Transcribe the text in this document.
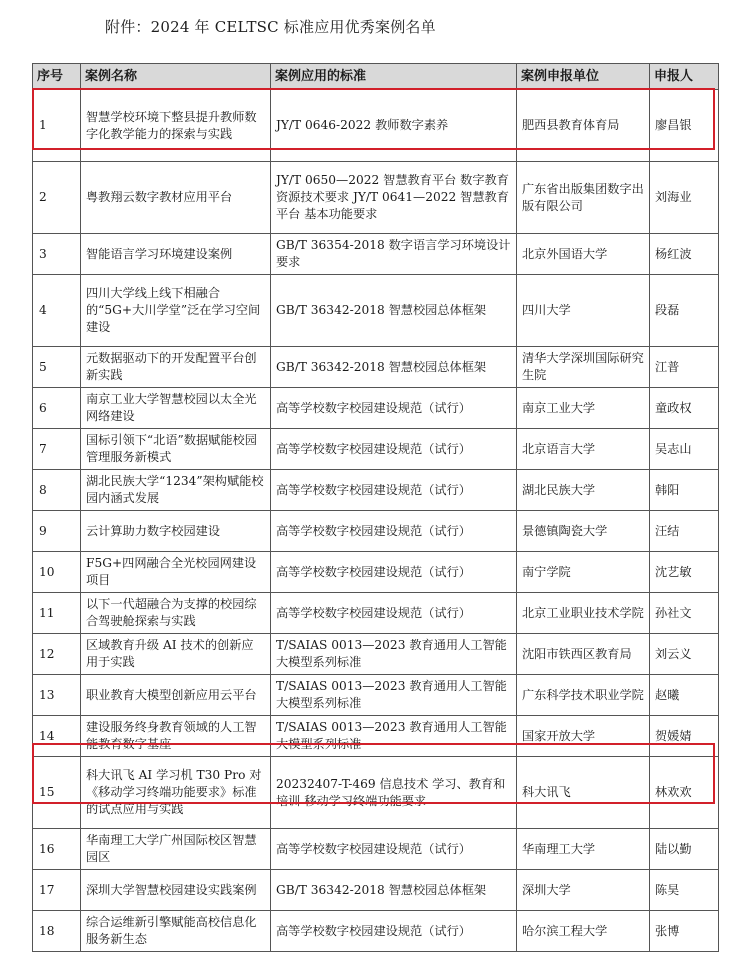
附件：2024 年 CELTSC 标准应用优秀案例名单
序号	案例名称	案例应用的标准	案例申报单位	申报人
1	智慧学校环境下整县提升教师数字化教学能力的探索与实践	JY/T 0646-2022 教师数字素养	肥西县教育体育局	廖昌银
2	粤教翔云数字教材应用平台	JY/T 0650—2022 智慧教育平台 数字教育资源技术要求 JY/T 0641—2022 智慧教育平台 基本功能要求	广东省出版集团数字出版有限公司	刘海业
3	智能语言学习环境建设案例	GB/T 36354-2018 数字语言学习环境设计要求	北京外国语大学	杨红波
4	四川大学线上线下相融合的“5G+大川学堂”泛在学习空间建设	GB/T 36342-2018 智慧校园总体框架	四川大学	段磊
5	元数据驱动下的开发配置平台创新实践	GB/T 36342-2018 智慧校园总体框架	清华大学深圳国际研究生院	江普
6	南京工业大学智慧校园以太全光网络建设	高等学校数字校园建设规范（试行）	南京工业大学	童政权
7	国标引领下“北语”数据赋能校园管理服务新模式	高等学校数字校园建设规范（试行）	北京语言大学	吴志山
8	湖北民族大学“1234”架构赋能校园内涵式发展	高等学校数字校园建设规范（试行）	湖北民族大学	韩阳
9	云计算助力数字校园建设	高等学校数字校园建设规范（试行）	景德镇陶瓷大学	汪结
10	F5G+四网融合全光校园网建设项目	高等学校数字校园建设规范（试行）	南宁学院	沈艺敏
11	以下一代超融合为支撑的校园综合驾驶舱探索与实践	高等学校数字校园建设规范（试行）	北京工业职业技术学院	孙社文
12	区域教育升级 AI 技术的创新应用于实践	T/SAIAS 0013—2023 教育通用人工智能大模型系列标准	沈阳市铁西区教育局	刘云义
13	职业教育大模型创新应用云平台	T/SAIAS 0013—2023 教育通用人工智能大模型系列标准	广东科学技术职业学院	赵曦
14	建设服务终身教育领域的人工智能教育数字基座	T/SAIAS 0013—2023 教育通用人工智能大模型系列标准	国家开放大学	贺媛婧
15	科大讯飞 AI 学习机 T30 Pro 对《移动学习终端功能要求》标准的试点应用与实践	20232407-T-469 信息技术 学习、教育和培训 移动学习终端功能要求	科大讯飞	林欢欢
16	华南理工大学广州国际校区智慧园区	高等学校数字校园建设规范（试行）	华南理工大学	陆以勤
17	深圳大学智慧校园建设实践案例	GB/T 36342-2018 智慧校园总体框架	深圳大学	陈昊
18	综合运维新引擎赋能高校信息化服务新生态	高等学校数字校园建设规范（试行）	哈尔滨工程大学	张博
